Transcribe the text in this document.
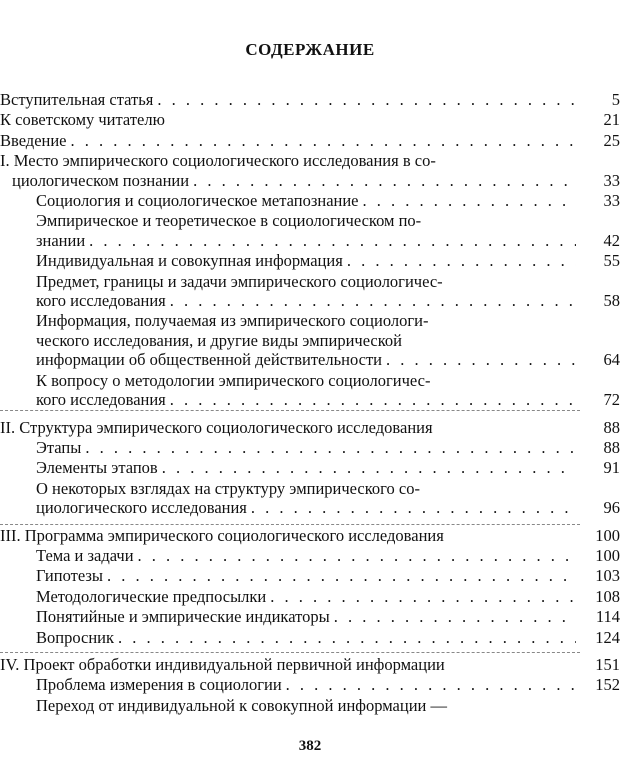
СОДЕРЖАНИЕ
Вступительная статья . . .	5
К советскому читателю	21
Введение . . .	25
I. Место эмпирического социологического исследования в со-
циологическом познании . . .	33
Социология и социологическое метапознание . . .	33
Эмпирическое и теоретическое в социологическом по-
знании . . .	42
Индивидуальная и совокупная информация . . .	55
Предмет, границы и задачи эмпирического социологичес-
кого исследования . . .	58
Информация, получаемая из эмпирического социологи-
ческого исследования, и другие виды эмпирической
информации об общественной действительности . . .	64
К вопросу о методологии эмпирического социологичес-
кого исследования . . .	72
II. Структура эмпирического социологического исследования	88
Этапы . . .	88
Элементы этапов . . .	91
О некоторых взглядах на структуру эмпирического со-
циологического исследования . . .	96
III. Программа эмпирического социологического исследования	100
Тема и задачи . . .	100
Гипотезы . . .	103
Методологические предпосылки . . .	108
Понятийные и эмпирические индикаторы . . .	114
Вопросник . . .	124
IV. Проект обработки индивидуальной первичной информации	151
Проблема измерения в социологии . . .	152
Переход от индивидуальной к совокупной информации —
382
